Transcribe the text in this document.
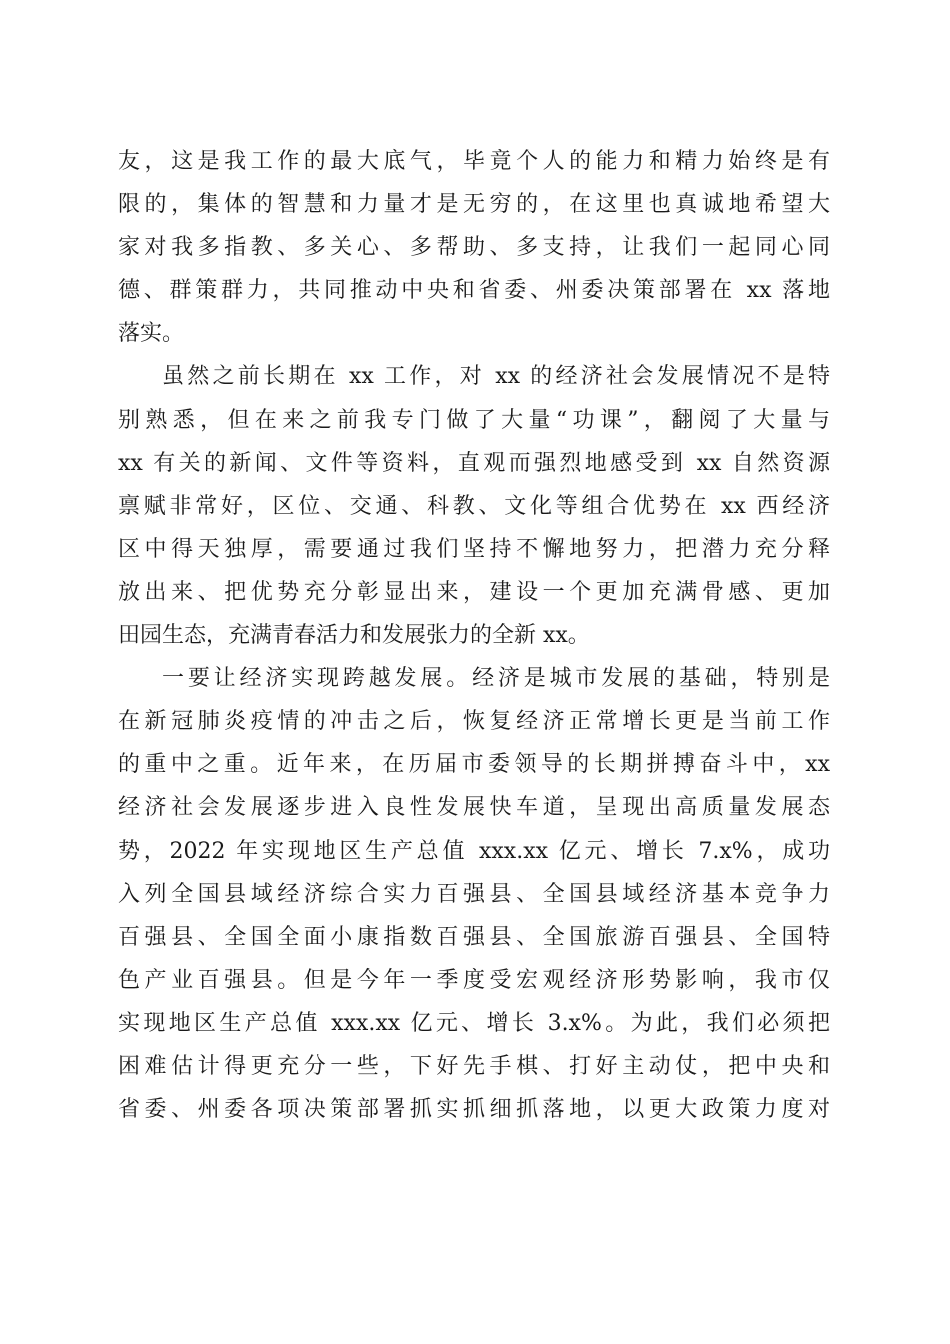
友，这是我工作的最大底气，毕竟个人的能力和精力始终是有
限的，集体的智慧和力量才是无穷的，在这里也真诚地希望大
家对我多指教、多关心、多帮助、多支持，让我们一起同心同
德、群策群力，共同推动中央和省委、州委决策部署在 xx 落地
落实。
虽然之前长期在 xx 工作，对 xx 的经济社会发展情况不是特
别熟悉，但在来之前我专门做了大量“功课”，翻阅了大量与
xx 有关的新闻、文件等资料，直观而强烈地感受到 xx 自然资源
禀赋非常好，区位、交通、科教、文化等组合优势在 xx 西经济
区中得天独厚，需要通过我们坚持不懈地努力，把潜力充分释
放出来、把优势充分彰显出来，建设一个更加充满骨感、更加
田园生态，充满青春活力和发展张力的全新 xx。
一要让经济实现跨越发展。经济是城市发展的基础，特别是
在新冠肺炎疫情的冲击之后，恢复经济正常增长更是当前工作
的重中之重。近年来，在历届市委领导的长期拼搏奋斗中，xx
经济社会发展逐步进入良性发展快车道，呈现出高质量发展态
势，2022 年实现地区生产总值 xxx.xx 亿元、增长 7.x%，成功
入列全国县域经济综合实力百强县、全国县域经济基本竞争力
百强县、全国全面小康指数百强县、全国旅游百强县、全国特
色产业百强县。但是今年一季度受宏观经济形势影响，我市仅
实现地区生产总值 xxx.xx 亿元、增长 3.x%。为此，我们必须把
困难估计得更充分一些，下好先手棋、打好主动仗，把中央和
省委、州委各项决策部署抓实抓细抓落地，以更大政策力度对
